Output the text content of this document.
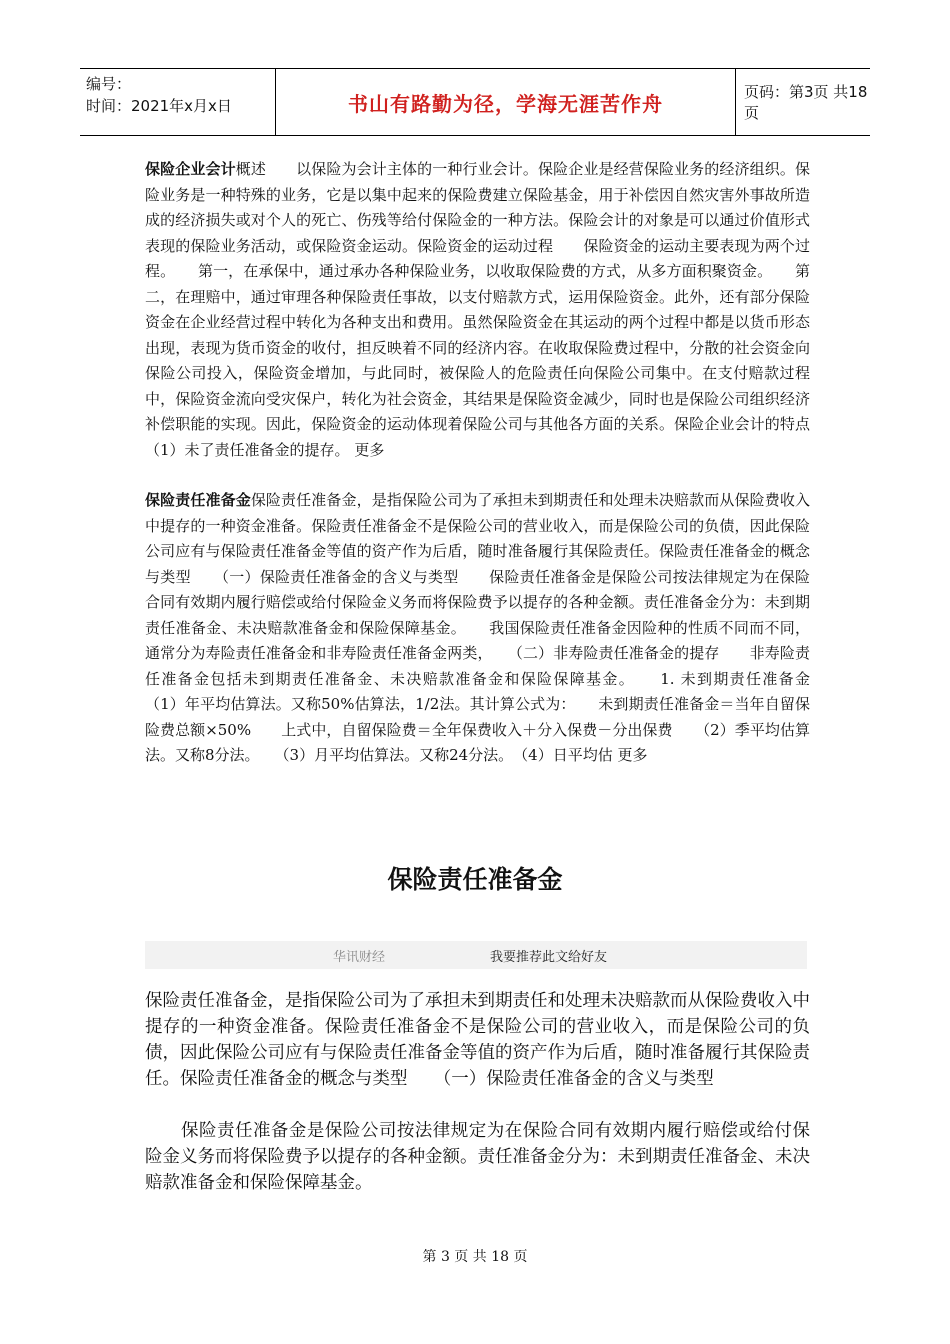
编号：
时间：2021年x月x日	书山有路勤为径，学海无涯苦作舟	页码：第3页 共18页

保险企业会计概述　　以保险为会计主体的一种行业会计。保险企业是经营保险业务的经济组织。保险业务是一种特殊的业务，它是以集中起来的保险费建立保险基金，用于补偿因自然灾害外事故所造成的经济损失或对个人的死亡、伤残等给付保险金的一种方法。保险会计的对象是可以通过价值形式表现的保险业务活动，或保险资金运动。保险资金的运动过程　　保险资金的运动主要表现为两个过程。　　第一，在承保中，通过承办各种保险业务，以收取保险费的方式，从多方面积聚资金。　　第二，在理赔中，通过审理各种保险责任事故，以支付赔款方式，运用保险资金。此外，还有部分保险资金在企业经营过程中转化为各种支出和费用。虽然保险资金在其运动的两个过程中都是以货币形态出现，表现为货币资金的收付，担反映着不同的经济内容。在收取保险费过程中，分散的社会资金向保险公司投入，保险资金增加，与此同时，被保险人的危险责任向保险公司集中。在支付赔款过程中，保险资金流向受灾保户，转化为社会资金，其结果是保险资金减少，同时也是保险公司组织经济补偿职能的实现。因此，保险资金的运动体现着保险公司与其他各方面的关系。保险企业会计的特点　　（1）未了责任准备金的提存。 更多

保险责任准备金保险责任准备金，是指保险公司为了承担未到期责任和处理未决赔款而从保险费收入中提存的一种资金准备。保险责任准备金不是保险公司的营业收入，而是保险公司的负债，因此保险公司应有与保险责任准备金等值的资产作为后盾，随时准备履行其保险责任。保险责任准备金的概念与类型　　（一）保险责任准备金的含义与类型　　保险责任准备金是保险公司按法律规定为在保险合同有效期内履行赔偿或给付保险金义务而将保险费予以提存的各种金额。责任准备金分为：未到期责任准备金、未决赔款准备金和保险保障基金。　　我国保险责任准备金因险种的性质不同而不同，通常分为寿险责任准备金和非寿险责任准备金两类，　　（二）非寿险责任准备金的提存　　非寿险责任准备金包括未到期责任准备金、未决赔款准备金和保险保障基金。　　1. 未到期责任准备金　　（1）年平均估算法。又称50%估算法，1/2法。其计算公式为：　　未到期责任准备金＝当年自留保险费总额×50%　　上式中，自留保险费＝全年保费收入＋分入保费－分出保费　　（2）季平均估算法。又称8分法。　　（3）月平均估算法。又称24分法。　（4）日平均估 更多

保险责任准备金
华讯财经	我要推荐此文给好友

保险责任准备金，是指保险公司为了承担未到期责任和处理未决赔款而从保险费收入中提存的一种资金准备。保险责任准备金不是保险公司的营业收入，而是保险公司的负债，因此保险公司应有与保险责任准备金等值的资产作为后盾，随时准备履行其保险责任。保险责任准备金的概念与类型　　（一）保险责任准备金的含义与类型

保险责任准备金是保险公司按法律规定为在保险合同有效期内履行赔偿或给付保险金义务而将保险费予以提存的各种金额。责任准备金分为：未到期责任准备金、未决赔款准备金和保险保障基金。

第 3 页 共 18 页
